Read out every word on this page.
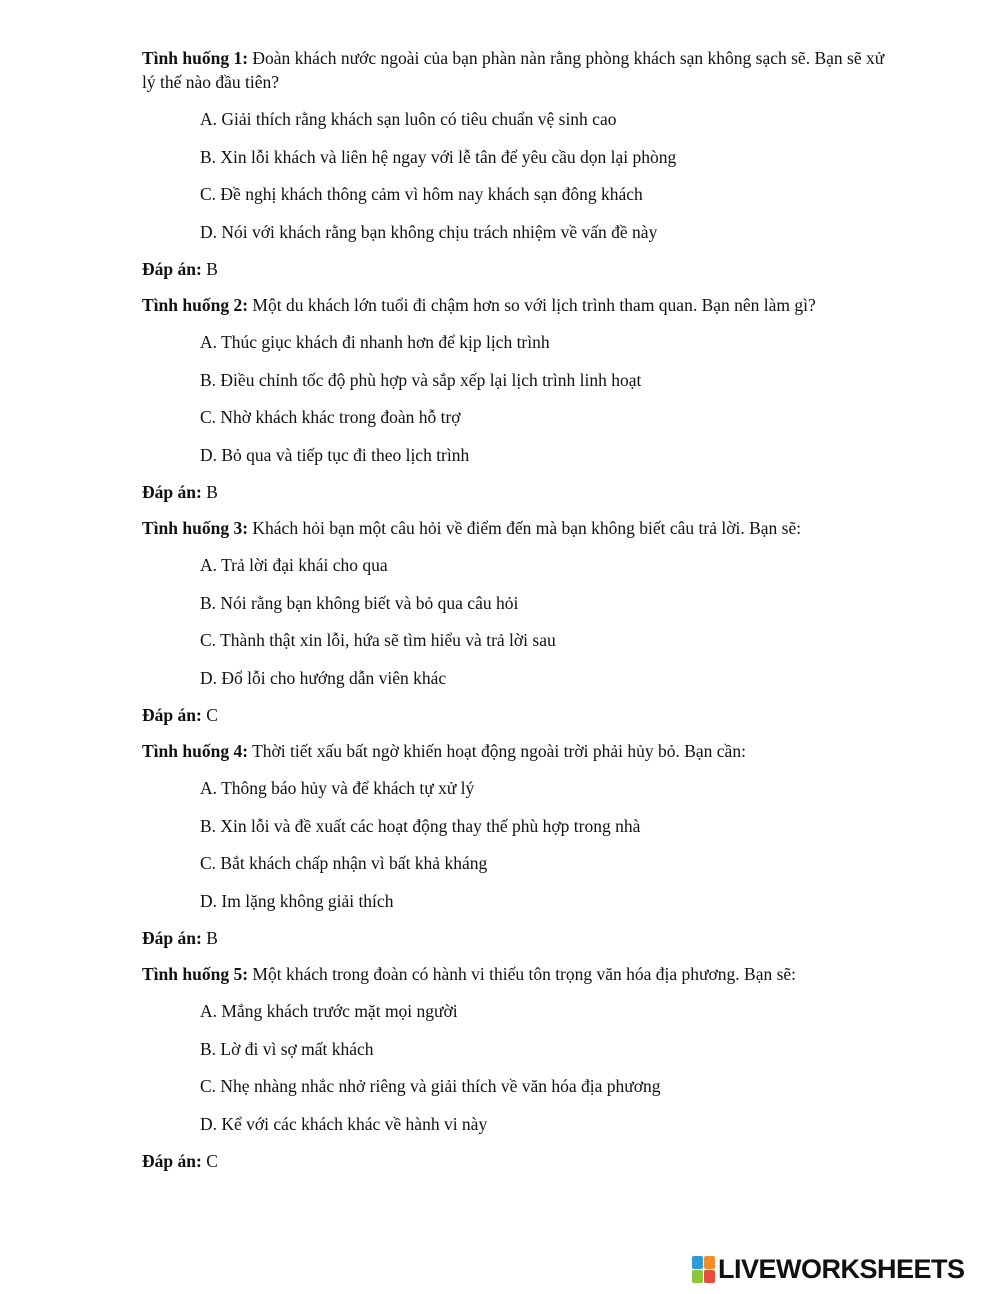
Tình huống 1: Đoàn khách nước ngoài của bạn phàn nàn rằng phòng khách sạn không sạch sẽ. Bạn sẽ xử lý thế nào đầu tiên?

A. Giải thích rằng khách sạn luôn có tiêu chuẩn vệ sinh cao

B. Xin lỗi khách và liên hệ ngay với lễ tân để yêu cầu dọn lại phòng

C. Đề nghị khách thông cảm vì hôm nay khách sạn đông khách

D. Nói với khách rằng bạn không chịu trách nhiệm về vấn đề này

Đáp án: B

Tình huống 2: Một du khách lớn tuổi đi chậm hơn so với lịch trình tham quan. Bạn nên làm gì?

A. Thúc giục khách đi nhanh hơn để kịp lịch trình

B. Điều chỉnh tốc độ phù hợp và sắp xếp lại lịch trình linh hoạt

C. Nhờ khách khác trong đoàn hỗ trợ

D. Bỏ qua và tiếp tục đi theo lịch trình

Đáp án: B

Tình huống 3: Khách hỏi bạn một câu hỏi về điểm đến mà bạn không biết câu trả lời. Bạn sẽ:

A. Trả lời đại khái cho qua

B. Nói rằng bạn không biết và bỏ qua câu hỏi

C. Thành thật xin lỗi, hứa sẽ tìm hiểu và trả lời sau

D. Đổ lỗi cho hướng dẫn viên khác

Đáp án: C

Tình huống 4: Thời tiết xấu bất ngờ khiến hoạt động ngoài trời phải hủy bỏ. Bạn cần:

A. Thông báo hủy và để khách tự xử lý

B. Xin lỗi và đề xuất các hoạt động thay thế phù hợp trong nhà

C. Bắt khách chấp nhận vì bất khả kháng

D. Im lặng không giải thích

Đáp án: B

Tình huống 5: Một khách trong đoàn có hành vi thiếu tôn trọng văn hóa địa phương. Bạn sẽ:

A. Mắng khách trước mặt mọi người

B. Lờ đi vì sợ mất khách

C. Nhẹ nhàng nhắc nhở riêng và giải thích về văn hóa địa phương

D. Kể với các khách khác về hành vi này

Đáp án: C

LIVEWORKSHEETS
